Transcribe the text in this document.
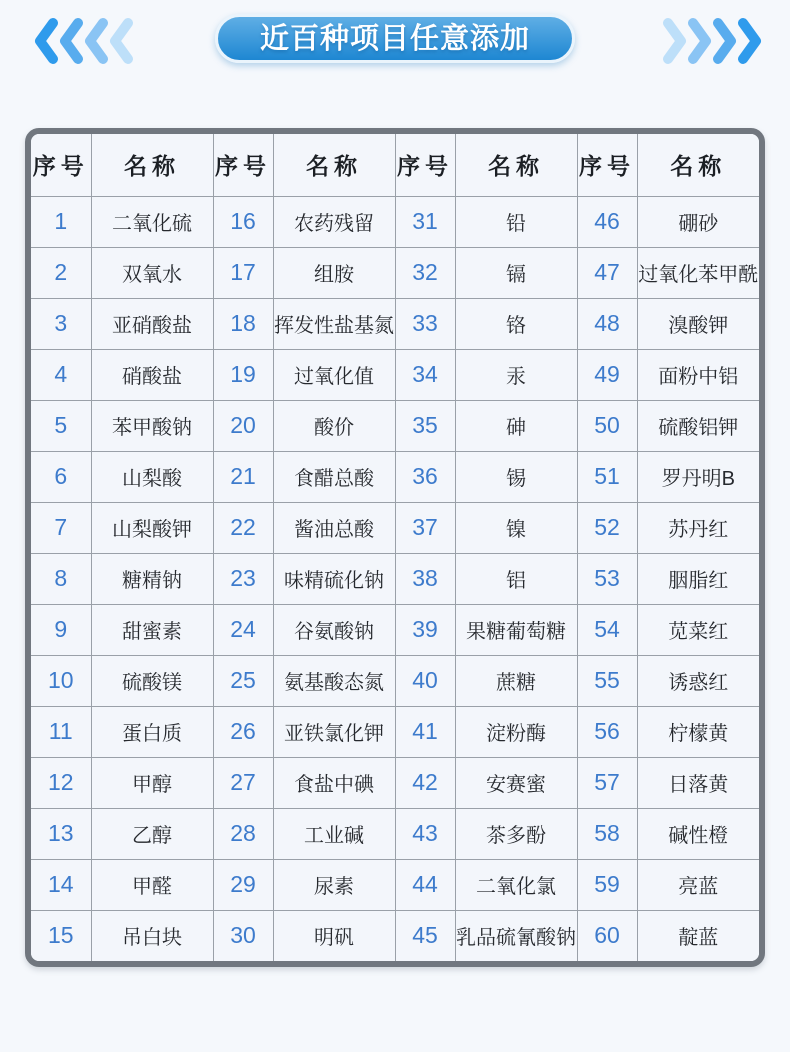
近百种项目任意添加
序号	名称	序号	名称	序号	名称	序号	名称
1	二氧化硫	16	农药残留	31	铅	46	硼砂
2	双氧水	17	组胺	32	镉	47	过氧化苯甲酰
3	亚硝酸盐	18	挥发性盐基氮	33	铬	48	溴酸钾
4	硝酸盐	19	过氧化值	34	汞	49	面粉中铝
5	苯甲酸钠	20	酸价	35	砷	50	硫酸铝钾
6	山梨酸	21	食醋总酸	36	锡	51	罗丹明B
7	山梨酸钾	22	酱油总酸	37	镍	52	苏丹红
8	糖精钠	23	味精硫化钠	38	铝	53	胭脂红
9	甜蜜素	24	谷氨酸钠	39	果糖葡萄糖	54	苋菜红
10	硫酸镁	25	氨基酸态氮	40	蔗糖	55	诱惑红
11	蛋白质	26	亚铁氯化钾	41	淀粉酶	56	柠檬黄
12	甲醇	27	食盐中碘	42	安赛蜜	57	日落黄
13	乙醇	28	工业碱	43	茶多酚	58	碱性橙
14	甲醛	29	尿素	44	二氧化氯	59	亮蓝
15	吊白块	30	明矾	45	乳品硫氰酸钠	60	靛蓝
